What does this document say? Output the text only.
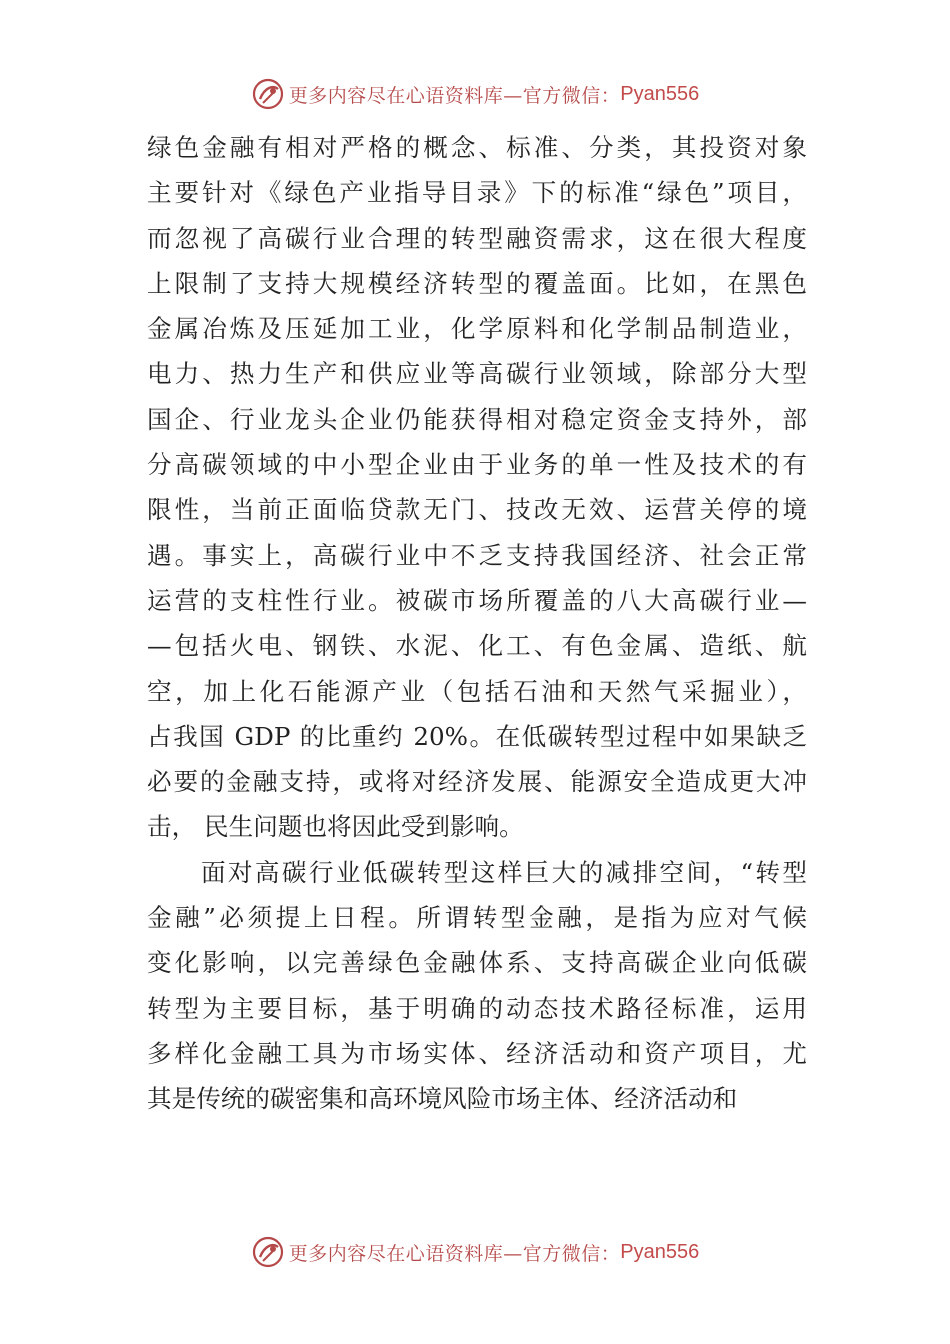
更多内容尽在心语资料库—官方微信： Pyan556
绿色金融有相对严格的概念、标准、分类，其投资对象
主要针对《绿色产业指导目录》下的标准“绿色”项目，
而忽视了高碳行业合理的转型融资需求，这在很大程度
上限制了支持大规模经济转型的覆盖面。比如，在黑色
金属冶炼及压延加工业，化学原料和化学制品制造业，
电力、热力生产和供应业等高碳行业领域，除部分大型
国企、行业龙头企业仍能获得相对稳定资金支持外，部
分高碳领域的中小型企业由于业务的单一性及技术的有
限性，当前正面临贷款无门、技改无效、运营关停的境
遇。事实上，高碳行业中不乏支持我国经济、社会正常
运营的支柱性行业。被碳市场所覆盖的八大高碳行业—
—包括火电、钢铁、水泥、化工、有色金属、造纸、航
空，加上化石能源产业（包括石油和天然气采掘业），
占我国 GDP 的比重约 20%。在低碳转型过程中如果缺乏
必要的金融支持，或将对经济发展、能源安全造成更大冲
击， 民生问题也将因此受到影响。
　　面对高碳行业低碳转型这样巨大的减排空间，“转型
金融”必须提上日程。所谓转型金融，是指为应对气候
变化影响，以完善绿色金融体系、支持高碳企业向低碳
转型为主要目标，基于明确的动态技术路径标准，运用
多样化金融工具为市场实体、经济活动和资产项目，尤
其是传统的碳密集和高环境风险市场主体、经济活动和
更多内容尽在心语资料库—官方微信： Pyan556
